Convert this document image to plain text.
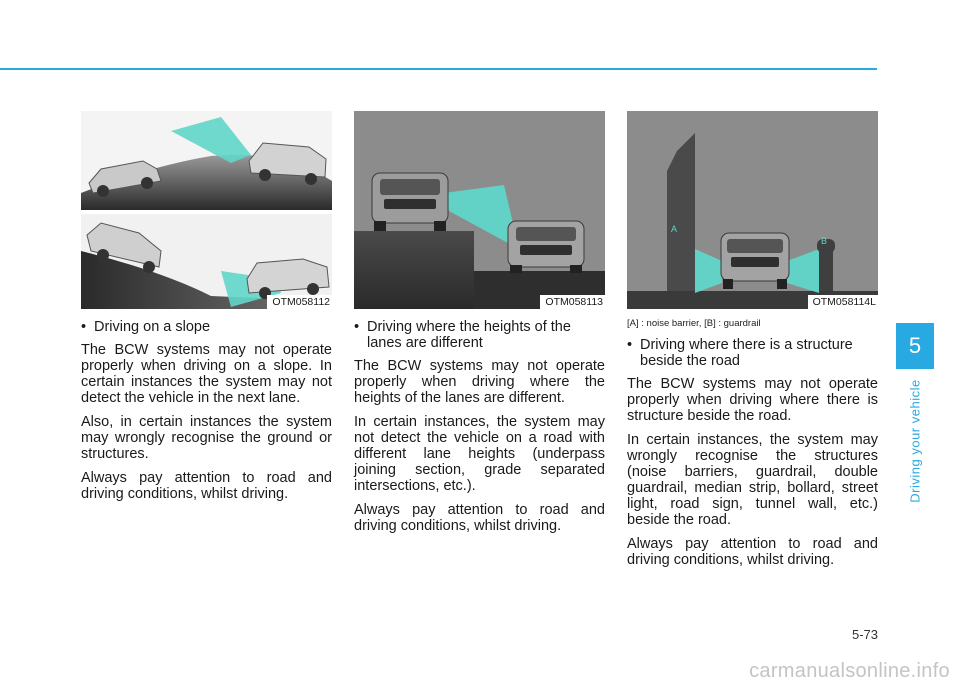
OTM058112
• Driving on a slope

The BCW systems may not operate properly when driving on a slope. In certain instances the system may not detect the vehicle in the next lane.

Also, in certain instances the system may wrongly recognise the ground or structures.

Always pay attention to road and driving conditions, whilst driving.

OTM058113
• Driving where the heights of the lanes are different

The BCW systems may not operate properly when driving where the heights of the lanes are different.

In certain instances, the system may not detect the vehicle on a road with different lane heights (underpass joining section, grade separated intersections, etc.).

Always pay attention to road and driving conditions, whilst driving.

A
B
OTM058114L
[A] : noise barrier, [B] : guardrail
• Driving where there is a structure beside the road

The BCW systems may not operate properly when driving where there is structure beside the road.

In certain instances, the system may wrongly recognise the structures (noise barriers, guardrail, double guardrail, median strip, bollard, street light, road sign, tunnel wall, etc.) beside the road.

Always pay attention to road and driving conditions, whilst driving.

5
Driving your vehicle
5-73
carmanualsonline.info
